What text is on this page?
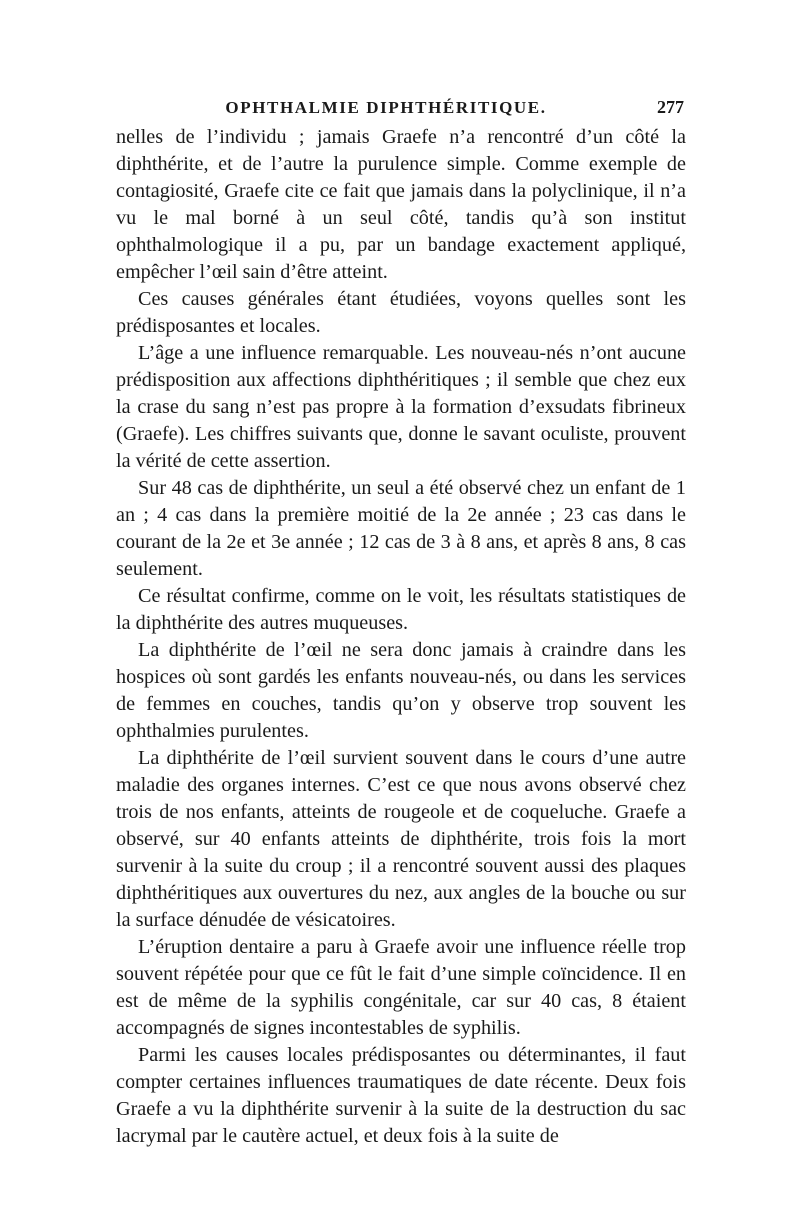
OPHTHALMIE DIPHTHÉRITIQUE.	277

nelles de l’individu ; jamais Graefe n’a rencontré d’un côté la diphthérite, et de l’autre la purulence simple. Comme exemple de contagiosité, Graefe cite ce fait que jamais dans la polyclinique, il n’a vu le mal borné à un seul côté, tandis qu’à son institut ophthalmologique il a pu, par un bandage exactement appliqué, empêcher l’œil sain d’être atteint.

Ces causes générales étant étudiées, voyons quelles sont les prédisposantes et locales.

L’âge a une influence remarquable. Les nouveau-nés n’ont aucune prédisposition aux affections diphthéritiques ; il semble que chez eux la crase du sang n’est pas propre à la formation d’exsudats fibrineux (Graefe). Les chiffres suivants que, donne le savant oculiste, prouvent la vérité de cette assertion.

Sur 48 cas de diphthérite, un seul a été observé chez un enfant de 1 an ; 4 cas dans la première moitié de la 2e année ; 23 cas dans le courant de la 2e et 3e année ; 12 cas de 3 à 8 ans, et après 8 ans, 8 cas seulement.

Ce résultat confirme, comme on le voit, les résultats statistiques de la diphthérite des autres muqueuses.

La diphthérite de l’œil ne sera donc jamais à craindre dans les hospices où sont gardés les enfants nouveau-nés, ou dans les services de femmes en couches, tandis qu’on y observe trop souvent les ophthalmies purulentes.

La diphthérite de l’œil survient souvent dans le cours d’une autre maladie des organes internes. C’est ce que nous avons observé chez trois de nos enfants, atteints de rougeole et de coqueluche. Graefe a observé, sur 40 enfants atteints de diphthérite, trois fois la mort survenir à la suite du croup ; il a rencontré souvent aussi des plaques diphthéritiques aux ouvertures du nez, aux angles de la bouche ou sur la surface dénudée de vésicatoires.

L’éruption dentaire a paru à Graefe avoir une influence réelle trop souvent répétée pour que ce fût le fait d’une simple coïncidence. Il en est de même de la syphilis congénitale, car sur 40 cas, 8 étaient accompagnés de signes incontestables de syphilis.

Parmi les causes locales prédisposantes ou déterminantes, il faut compter certaines influences traumatiques de date récente. Deux fois Graefe a vu la diphthérite survenir à la suite de la destruction du sac lacrymal par le cautère actuel, et deux fois à la suite de
